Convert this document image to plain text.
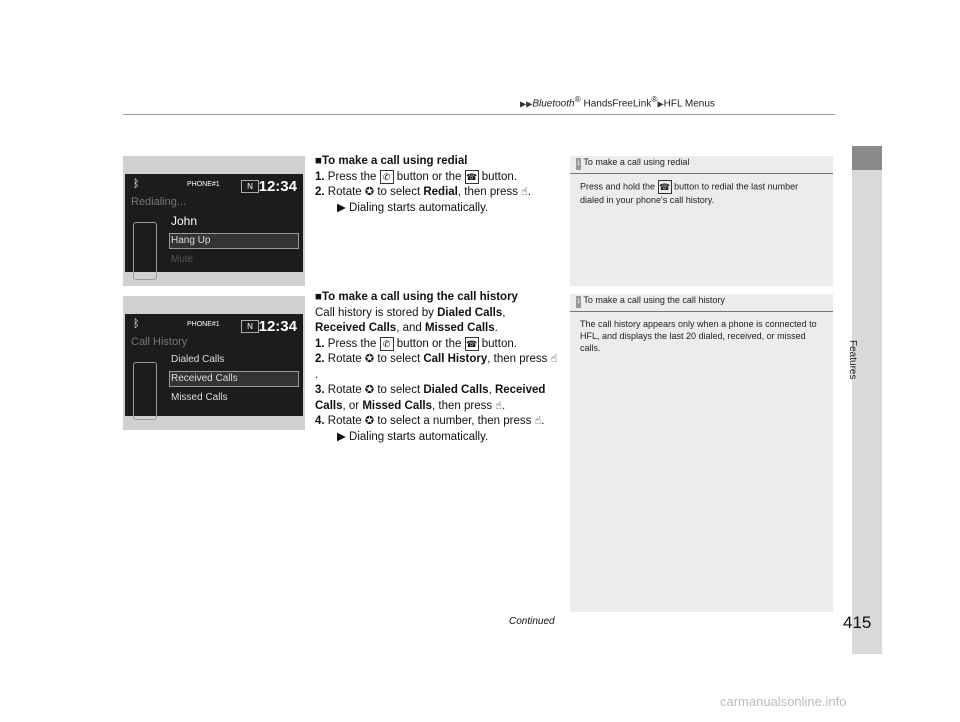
▶▶Bluetooth® HandsFreeLink®▶HFL Menus
Features
ᛒ	PHONE#1	N 12:34
Redialing...
John
Hang Up
Mute
ᛒ	PHONE#1	N 12:34
Call History
Dialed Calls
Received Calls
Missed Calls
■To make a call using redial
1. Press the ✆ button or the ☎ button.
2. Rotate ✪ to select Redial, then press ☝.
▶ Dialing starts automatically.
■To make a call using the call history
Call history is stored by Dialed Calls,
Received Calls, and Missed Calls.
1. Press the ✆ button or the ☎ button.
2. Rotate ✪ to select Call History, then press ☝.
3. Rotate ✪ to select Dialed Calls, Received Calls, or Missed Calls, then press ☝.
4. Rotate ✪ to select a number, then press ☝.
▶ Dialing starts automatically.
1 To make a call using redial
Press and hold the ☎ button to redial the last number dialed in your phone's call history.
1 To make a call using the call history
The call history appears only when a phone is connected to HFL, and displays the last 20 dialed, received, or missed calls.
Continued	415
carmanualsonline.info
